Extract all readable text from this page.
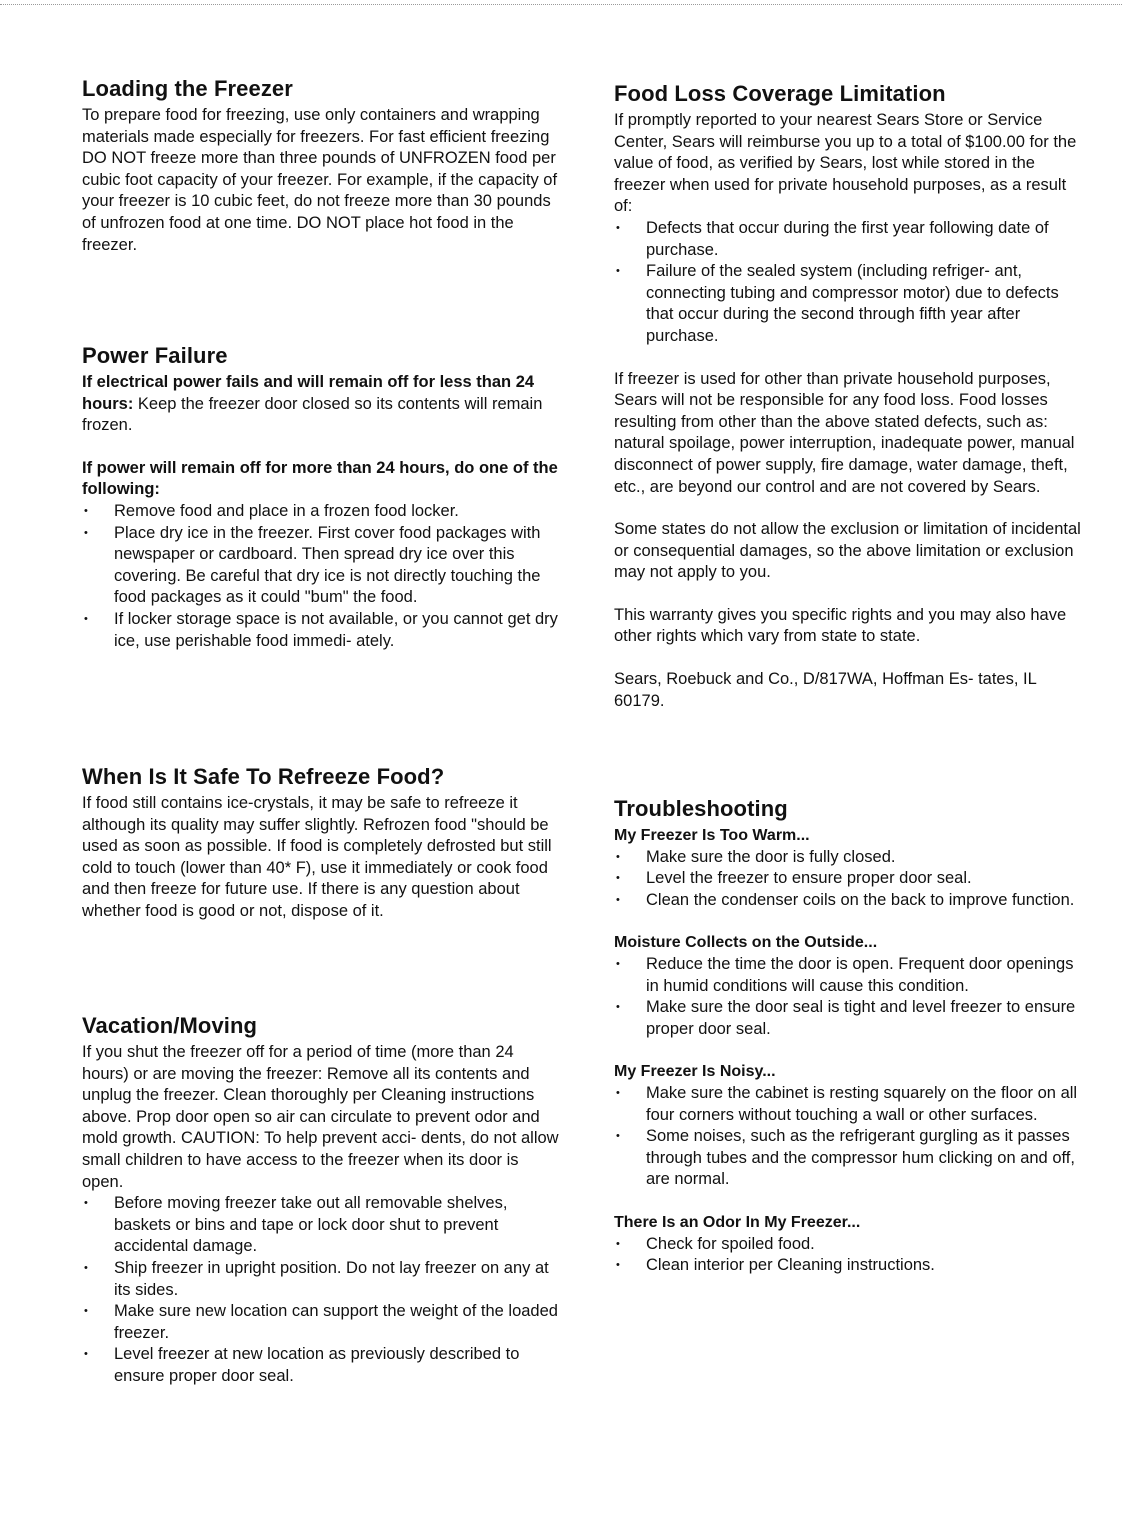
Loading the Freezer

To prepare food for freezing, use only containers and wrapping materials made especially for freezers. For fast efficient freezing DO NOT freeze more than three pounds of UNFROZEN food per cubic foot capacity of your freezer. For example, if the capacity of your freezer is 10 cubic feet, do not freeze more than 30 pounds of unfrozen food at one time. DO NOT place hot food in the freezer.

Power Failure

If electrical power fails and will remain off for less than 24 hours: Keep the freezer door closed so its contents will remain frozen.

If power will remain off for more than 24 hours, do one of the following:

• Remove food and place in a frozen food locker.
• Place dry ice in the freezer. First cover food packages with newspaper or cardboard. Then spread dry ice over this covering. Be careful that dry ice is not directly touching the food packages as it could "bum" the food.
• If locker storage space is not available, or you cannot get dry ice, use perishable food immedi- ately.
When Is It Safe To Refreeze Food?

If food still contains ice-crystals, it may be safe to refreeze it although its quality may suffer slightly. Refrozen food "should be used as soon as possible. If food is completely defrosted but still cold to touch (lower than 40* F), use it immediately or cook food and then freeze for future use. If there is any question about whether food is good or not, dispose of it.

Vacation/Moving

If you shut the freezer off for a period of time (more than 24 hours) or are moving the freezer: Remove all its contents and unplug the freezer. Clean thoroughly per Cleaning instructions above. Prop door open so air can circulate to prevent odor and mold growth. CAUTION: To help prevent acci- dents, do not allow small children to have access to the freezer when its door is open.

• Before moving freezer take out all removable shelves, baskets or bins and tape or lock door shut to prevent accidental damage.
• Ship freezer in upright position. Do not lay freezer on any at its sides.
• Make sure new location can support the weight of the loaded freezer.
• Level freezer at new location as previously described to ensure proper door seal.
Food Loss Coverage Limitation

If promptly reported to your nearest Sears Store or Service Center, Sears will reimburse you up to a total of $100.00 for the value of food, as verified by Sears, lost while stored in the freezer when used for private household purposes, as a result of:

• Defects that occur during the first year following date of purchase.
• Failure of the sealed system (including refriger- ant, connecting tubing and compressor motor) due to defects that occur during the second through fifth year after purchase.

If freezer is used for other than private household purposes, Sears will not be responsible for any food loss. Food losses resulting from other than the above stated defects, such as: natural spoilage, power interruption, inadequate power, manual disconnect of power supply, fire damage, water damage, theft, etc., are beyond our control and are not covered by Sears.

Some states do not allow the exclusion or limitation of incidental or consequential damages, so the above limitation or exclusion may not apply to you.

This warranty gives you specific rights and you may also have other rights which vary from state to state.

Sears, Roebuck and Co., D/817WA, Hoffman Es- tates, IL 60179.

Troubleshooting

My Freezer Is Too Warm...

• Make sure the door is fully closed.
• Level the freezer to ensure proper door seal.
• Clean the condenser coils on the back to improve function.

Moisture Collects on the Outside...

• Reduce the time the door is open. Frequent door openings in humid conditions will cause this condition.
• Make sure the door seal is tight and level freezer to ensure proper door seal.

My Freezer Is Noisy...

• Make sure the cabinet is resting squarely on the floor on all four corners without touching a wall or other surfaces.
• Some noises, such as the refrigerant gurgling as it passes through tubes and the compressor hum clicking on and off, are normal.

There Is an Odor In My Freezer...

• Check for spoiled food.
• Clean interior per Cleaning instructions.
